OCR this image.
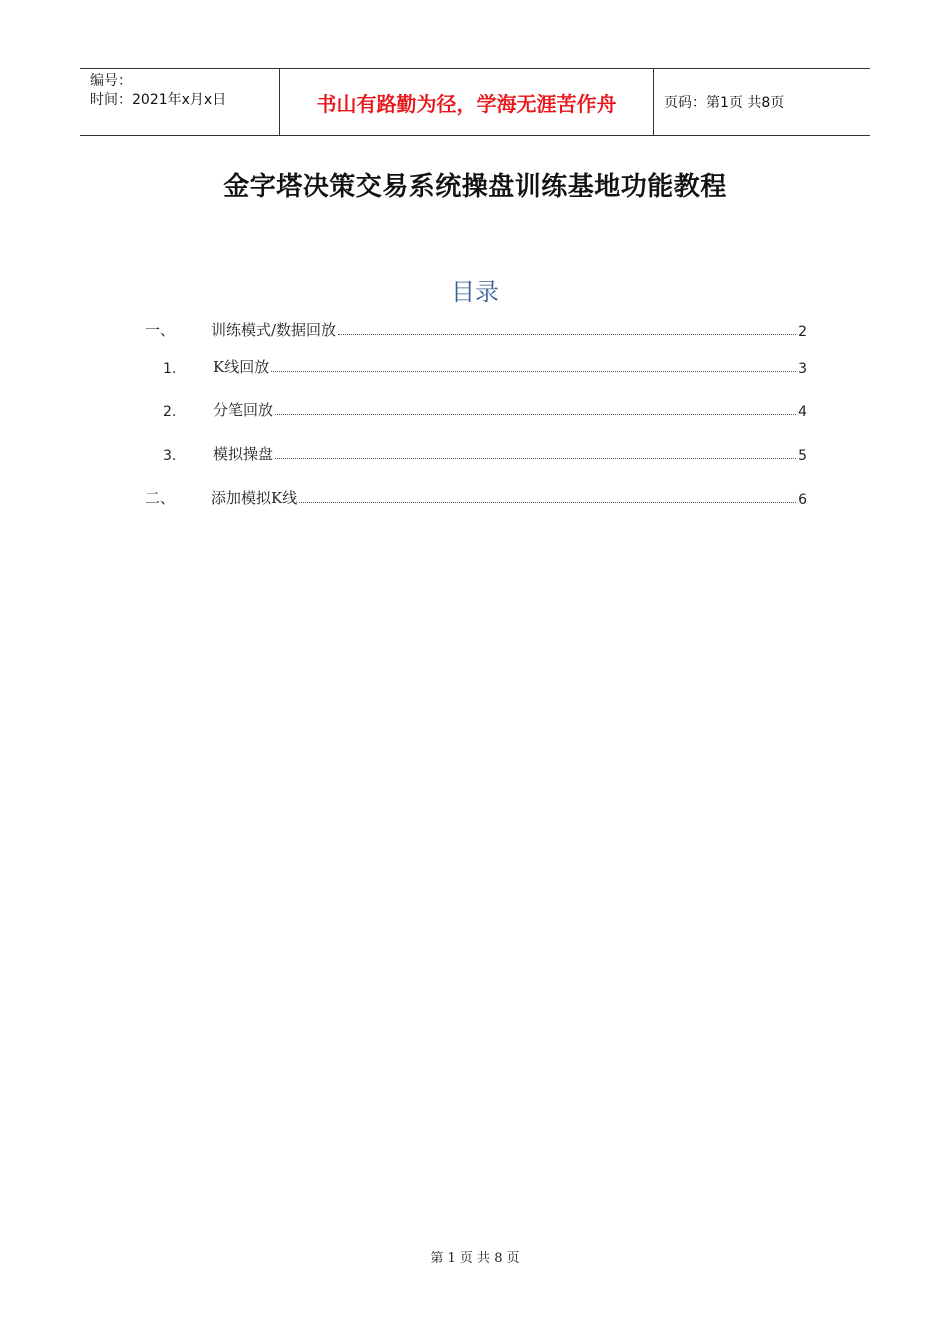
编号：
时间：2021年x月x日	书山有路勤为径，学海无涯苦作舟	页码：第1页 共8页
金字塔决策交易系统操盘训练基地功能教程
目录
一、	训练模式/数据回放	2
1.	K线回放	3
2.	分笔回放	4
3.	模拟操盘	5
二、	添加模拟K线	6
第 1 页 共 8 页
